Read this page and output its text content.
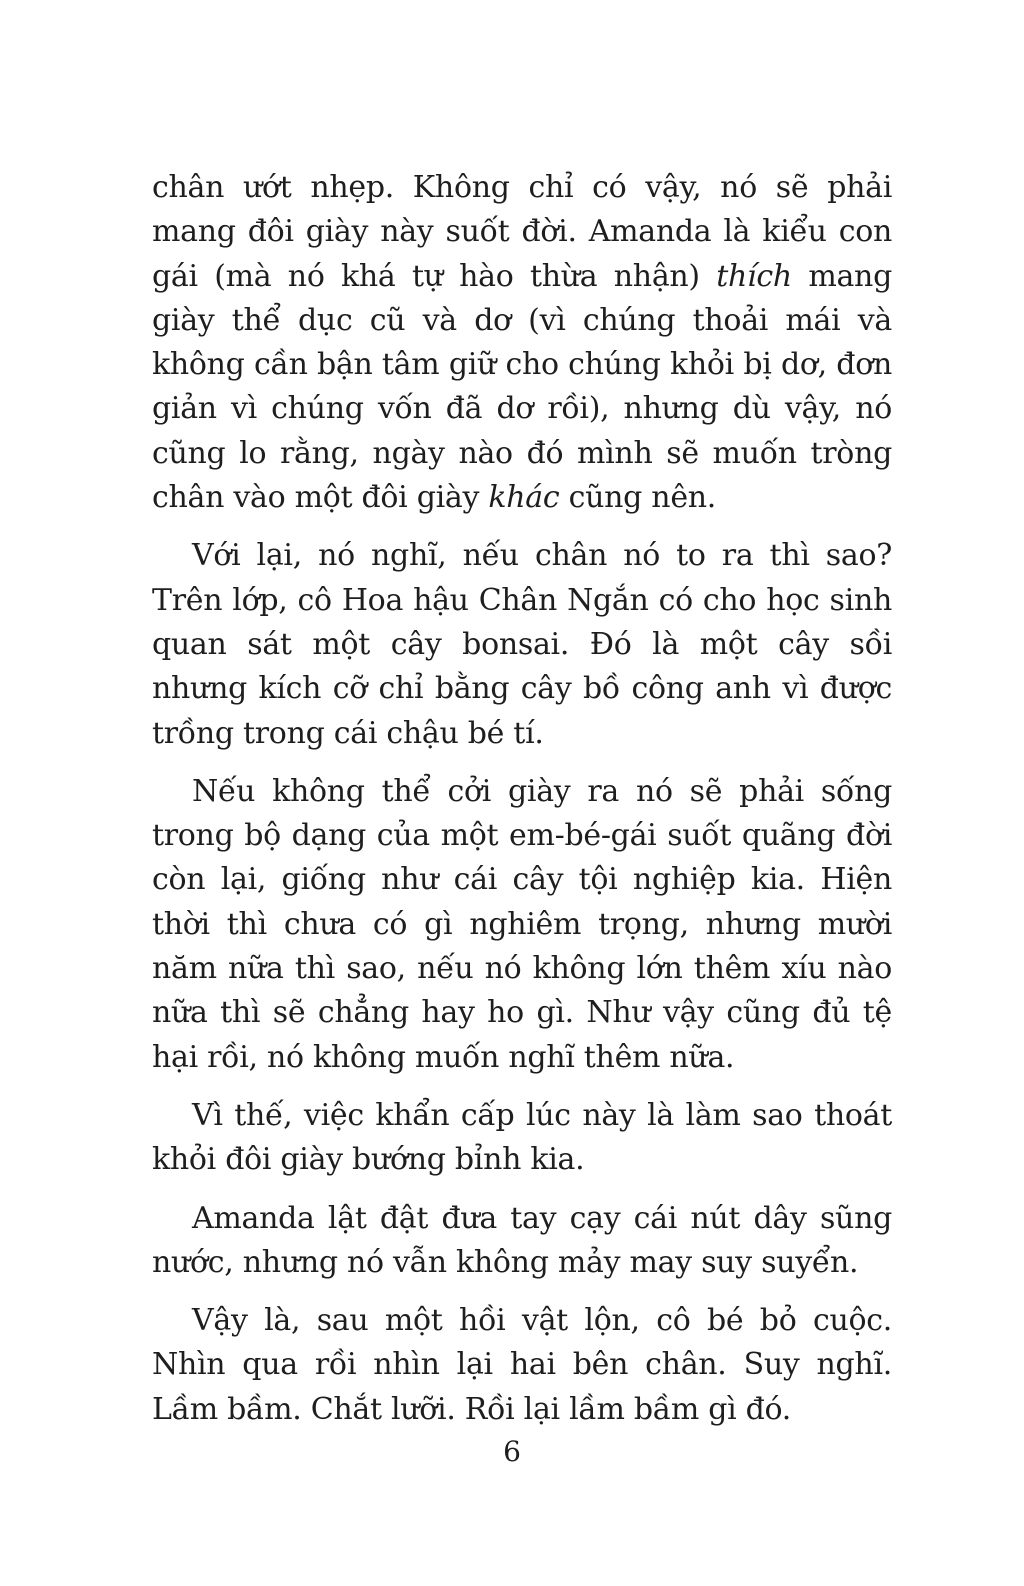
chân ướt nhẹp. Không chỉ có vậy, nó sẽ phải mang đôi giày này suốt đời. Amanda là kiểu con gái (mà nó khá tự hào thừa nhận) thích mang giày thể dục cũ và dơ (vì chúng thoải mái và không cần bận tâm giữ cho chúng khỏi bị dơ, đơn giản vì chúng vốn đã dơ rồi), nhưng dù vậy, nó cũng lo rằng, ngày nào đó mình sẽ muốn tròng chân vào một đôi giày khác cũng nên.

Với lại, nó nghĩ, nếu chân nó to ra thì sao? Trên lớp, cô Hoa hậu Chân Ngắn có cho học sinh quan sát một cây bonsai. Đó là một cây sồi nhưng kích cỡ chỉ bằng cây bồ công anh vì được trồng trong cái chậu bé tí.

Nếu không thể cởi giày ra nó sẽ phải sống trong bộ dạng của một em-bé-gái suốt quãng đời còn lại, giống như cái cây tội nghiệp kia. Hiện thời thì chưa có gì nghiêm trọng, nhưng mười năm nữa thì sao, nếu nó không lớn thêm xíu nào nữa thì sẽ chẳng hay ho gì. Như vậy cũng đủ tệ hại rồi, nó không muốn nghĩ thêm nữa.

Vì thế, việc khẩn cấp lúc này là làm sao thoát khỏi đôi giày bướng bỉnh kia.

Amanda lật đật đưa tay cạy cái nút dây sũng nước, nhưng nó vẫn không mảy may suy suyển.

Vậy là, sau một hồi vật lộn, cô bé bỏ cuộc. Nhìn qua rồi nhìn lại hai bên chân. Suy nghĩ. Lầm bầm. Chắt lưỡi. Rồi lại lầm bầm gì đó.

6
